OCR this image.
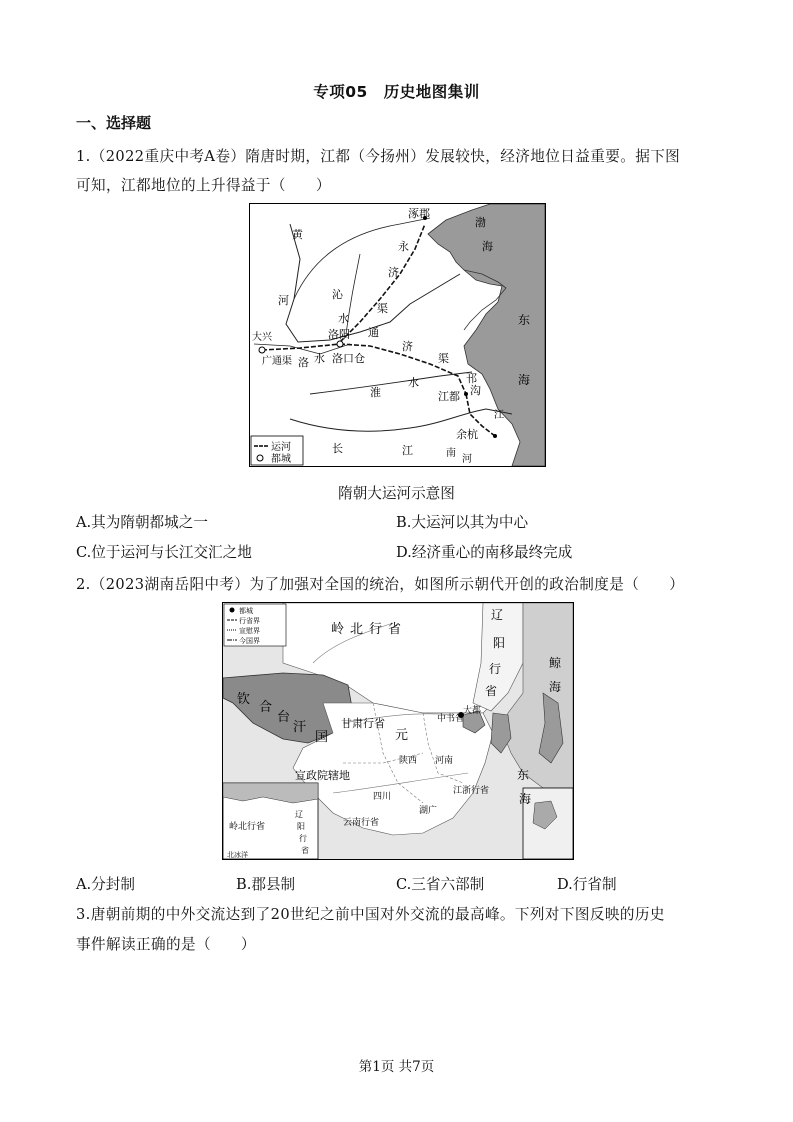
专项05　历史地图集训
一、选择题
1.（2022重庆中考A卷）隋唐时期，江都（今扬州）发展较快，经济地位日益重要。据下图
可知，江都地位的上升得益于（　　）
涿郡
渤
海
东
海
黄
河
永
济
渠
沁
水
通
济
渠
洛阳
洛 水 洛口仓
大兴
广通渠
淮
水	邗
沟
江都
余杭
长	江
江
南
河
运河
都城
隋朝大运河示意图
A.其为隋朝都城之一	B.大运河以其为中心
C.位于运河与长江交汇之地	D.经济重心的南移最终完成
2.（2023湖南岳阳中考）为了加强对全国的统治，如图所示朝代开创的政治制度是（　　）
都城
行省界
宣慰界
今国界
岭北行省
辽
阳
行
省
钦
合
台
汗
国
甘肃行省
元
中书省
大都
宣政院辖地
云南行省
江浙行省
湖广
河南
陕西
四川
鲸
海
东
海
岭北行省
辽
阳
行
省
北冰洋
A.分封制	B.郡县制	C.三省六部制	D.行省制
3.唐朝前期的中外交流达到了20世纪之前中国对外交流的最高峰。下列对下图反映的历史
事件解读正确的是（　　）
第1页 共7页
